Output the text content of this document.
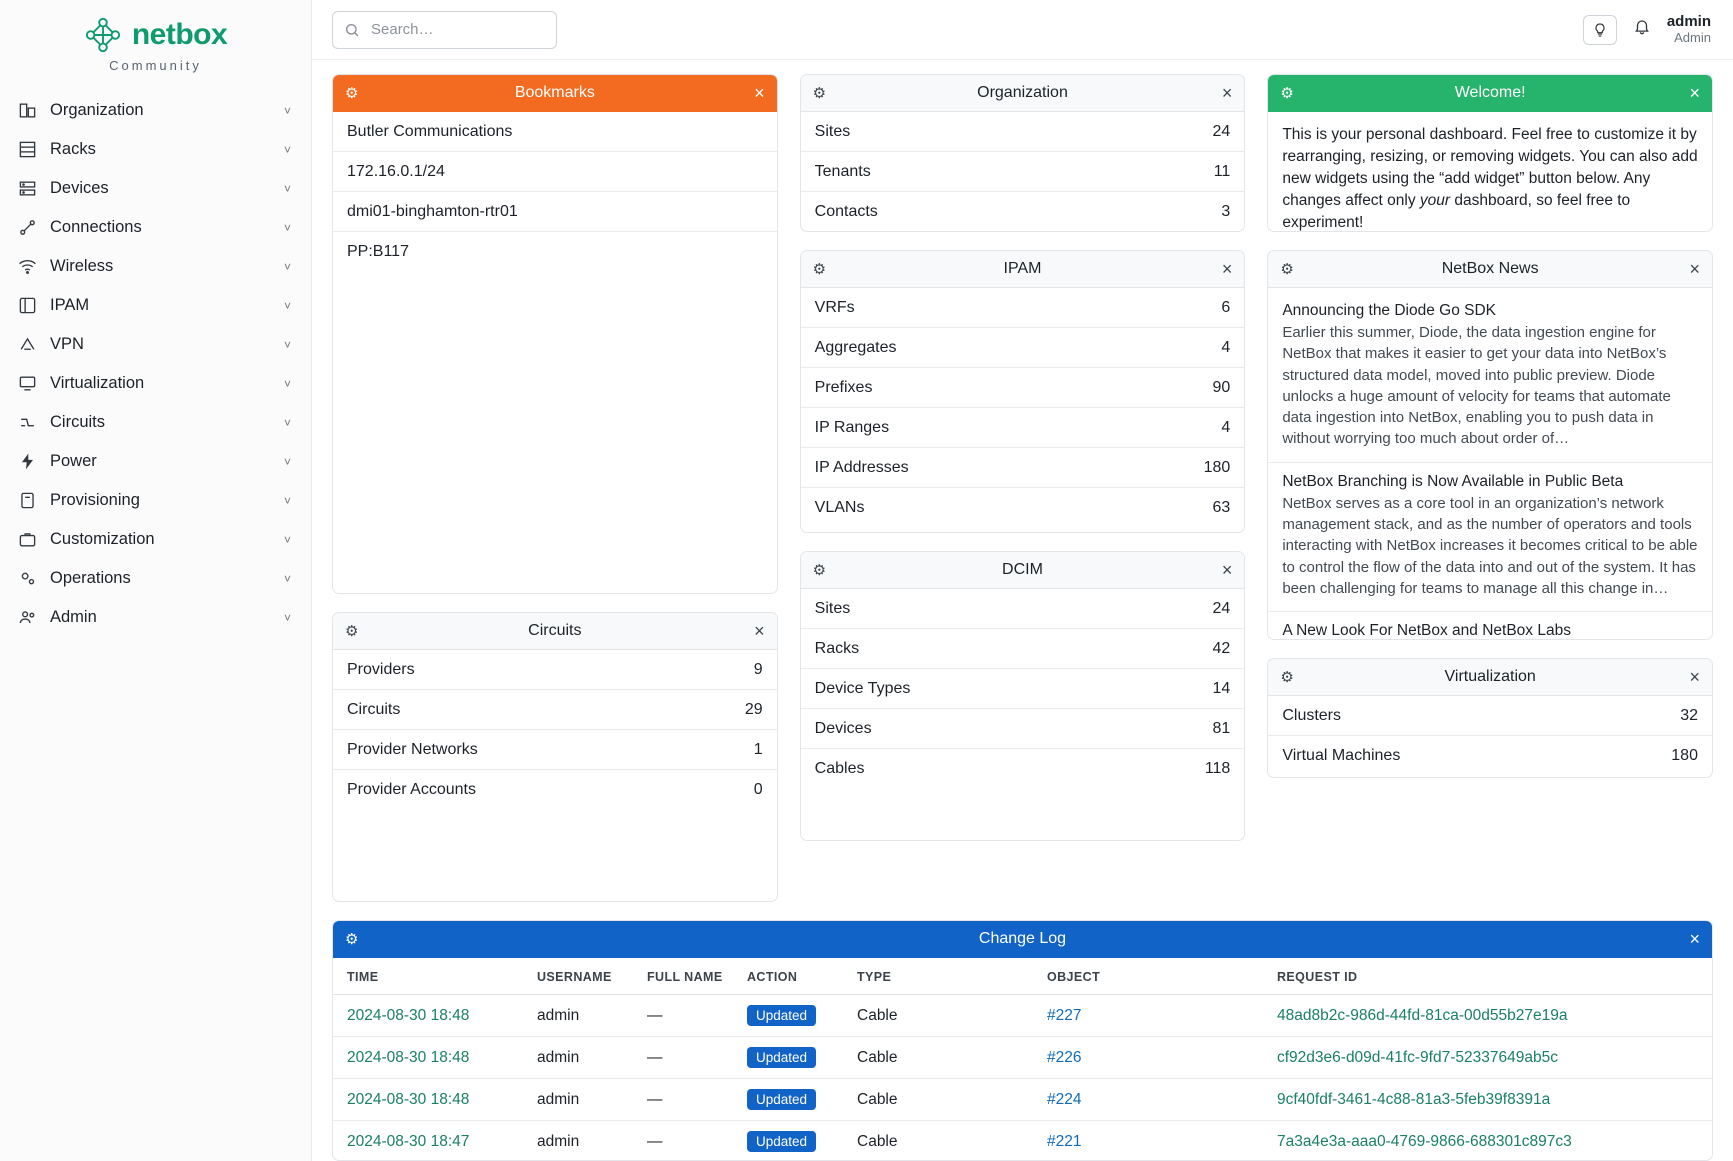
netbox
Community
Organization	˅
Racks	˅
Devices	˅
Connections	˅
Wireless	˅
IPAM	˅
VPN	˅
Virtualization	˅
Circuits	˅
Power	˅
Provisioning	˅
Customization	˅
Operations	˅
Admin	˅
Search…
admin
Admin
⚙	Bookmarks	×
Butler Communications
172.16.0.1/24
dmi01-binghamton-rtr01
PP:B117
⚙	Circuits	×
Providers	9
Circuits	29
Provider Networks	1
Provider Accounts	0
⚙	Organization	×
Sites	24
Tenants	11
Contacts	3
⚙	IPAM	×
VRFs	6
Aggregates	4
Prefixes	90
IP Ranges	4
IP Addresses	180
VLANs	63
⚙	DCIM	×
Sites	24
Racks	42
Device Types	14
Devices	81
Cables	118
⚙	Welcome!	×
This is your personal dashboard. Feel free to customize it by rearranging, resizing, or removing widgets. You can also add new widgets using the “add widget” button below. Any changes affect only your dashboard, so feel free to experiment!
⚙	NetBox News	×
Announcing the Diode Go SDK
Earlier this summer, Diode, the data ingestion engine for NetBox that makes it easier to get your data into NetBox’s structured data model, moved into public preview. Diode unlocks a huge amount of velocity for teams that automate data ingestion into NetBox, enabling you to push data in without worrying too much about order of…
NetBox Branching is Now Available in Public Beta
NetBox serves as a core tool in an organization’s network management stack, and as the number of operators and tools interacting with NetBox increases it becomes critical to be able to control the flow of the data into and out of the system. It has been challenging for teams to manage all this change in…
A New Look For NetBox and NetBox Labs
⚙	Virtualization	×
Clusters	32
Virtual Machines	180
⚙	Change Log	×
TIME	USERNAME	FULL NAME	ACTION	TYPE	OBJECT	REQUEST ID
2024-08-30 18:48	admin	—	Updated	Cable	#227	48ad8b2c-986d-44fd-81ca-00d55b27e19a
2024-08-30 18:48	admin	—	Updated	Cable	#226	cf92d3e6-d09d-41fc-9fd7-52337649ab5c
2024-08-30 18:48	admin	—	Updated	Cable	#224	9cf40fdf-3461-4c88-81a3-5feb39f8391a
2024-08-30 18:47	admin	—	Updated	Cable	#221	7a3a4e3a-aaa0-4769-9866-688301c897c3
